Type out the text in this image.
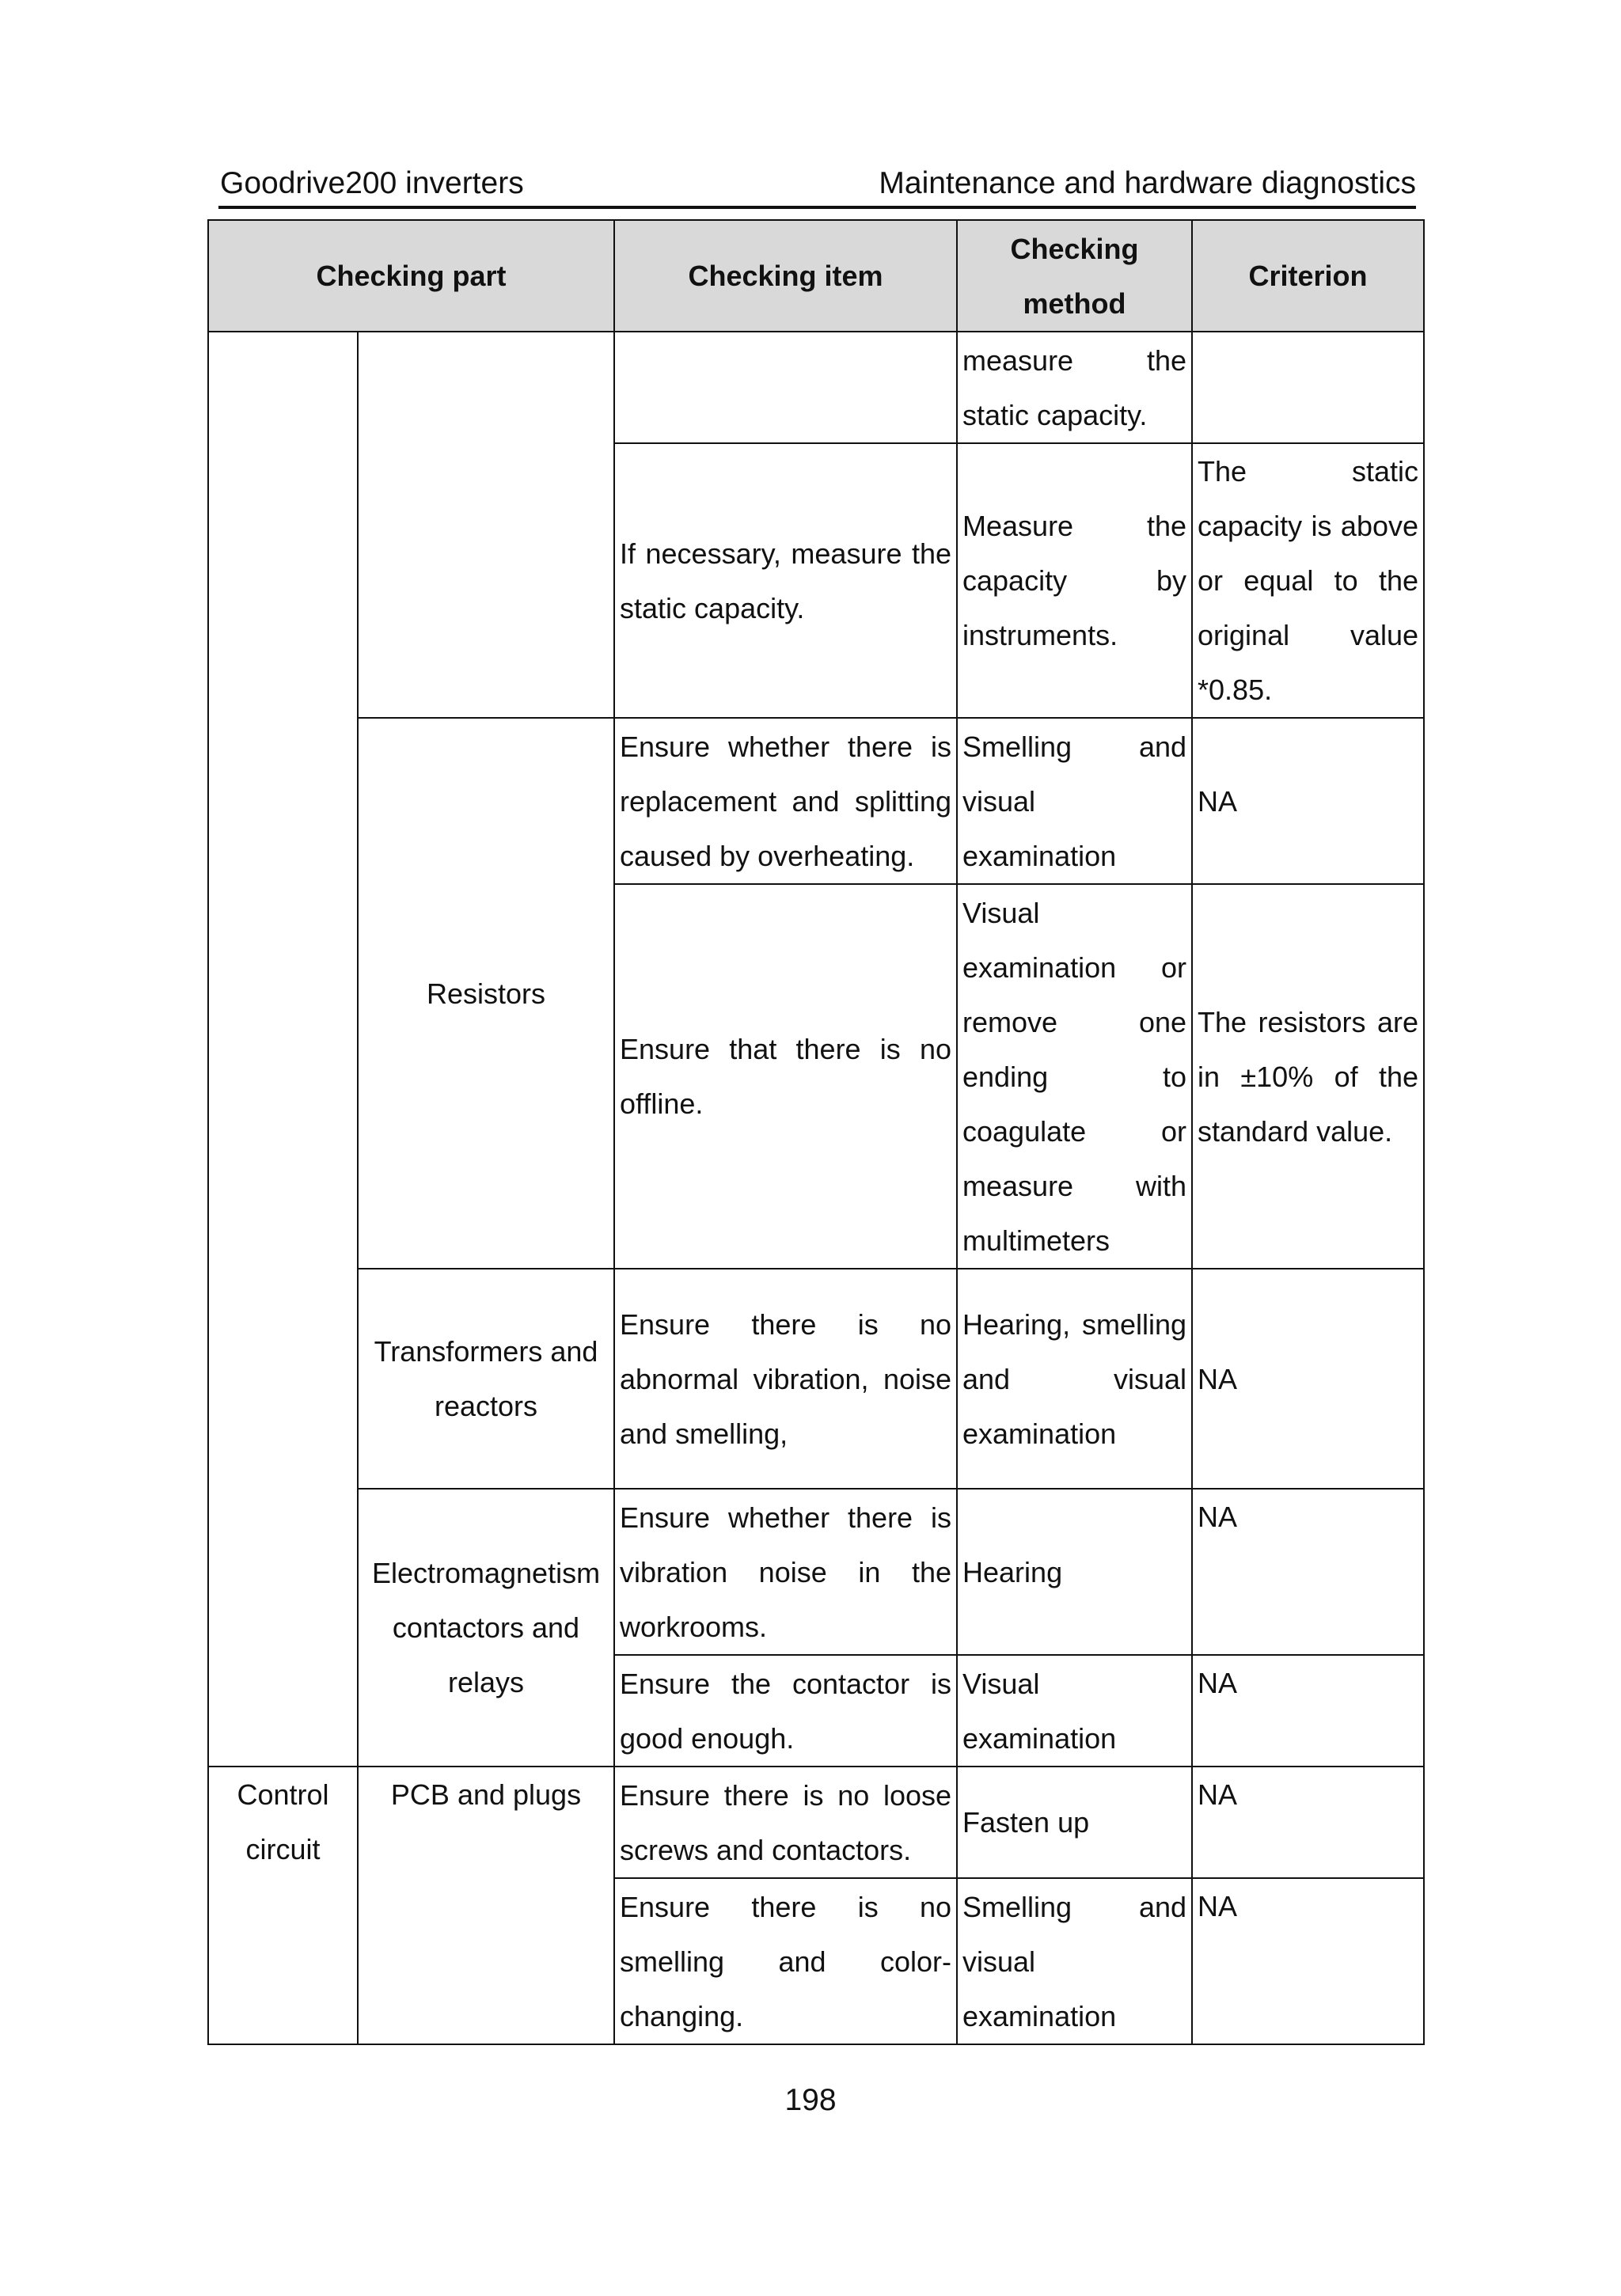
Goodrive200 inverters	Maintenance and hardware diagnostics
Checking part		Checking item	Checking method	Criterion
			measure the static capacity.	
		If necessary, measure the static capacity.	Measure the capacity by instruments.	The static capacity is above or equal to the original value *0.85.
	Resistors	Ensure whether there is replacement and splitting caused by overheating.	Smelling and visual examination	NA
		Ensure that there is no offline.	Visual examination or remove one ending to coagulate or measure with multimeters	The resistors are in ±10% of the standard value.
	Transformers and reactors	Ensure there is no abnormal vibration, noise and smelling,	Hearing, smelling and visual examination	NA
	Electromagnetism contactors and relays	Ensure whether there is vibration noise in the workrooms.	Hearing	NA
		Ensure the contactor is good enough.	Visual examination	NA
Control circuit	PCB and plugs	Ensure there is no loose screws and contactors.	Fasten up	NA
		Ensure there is no smelling and color-changing.	Smelling and visual examination	NA
198
